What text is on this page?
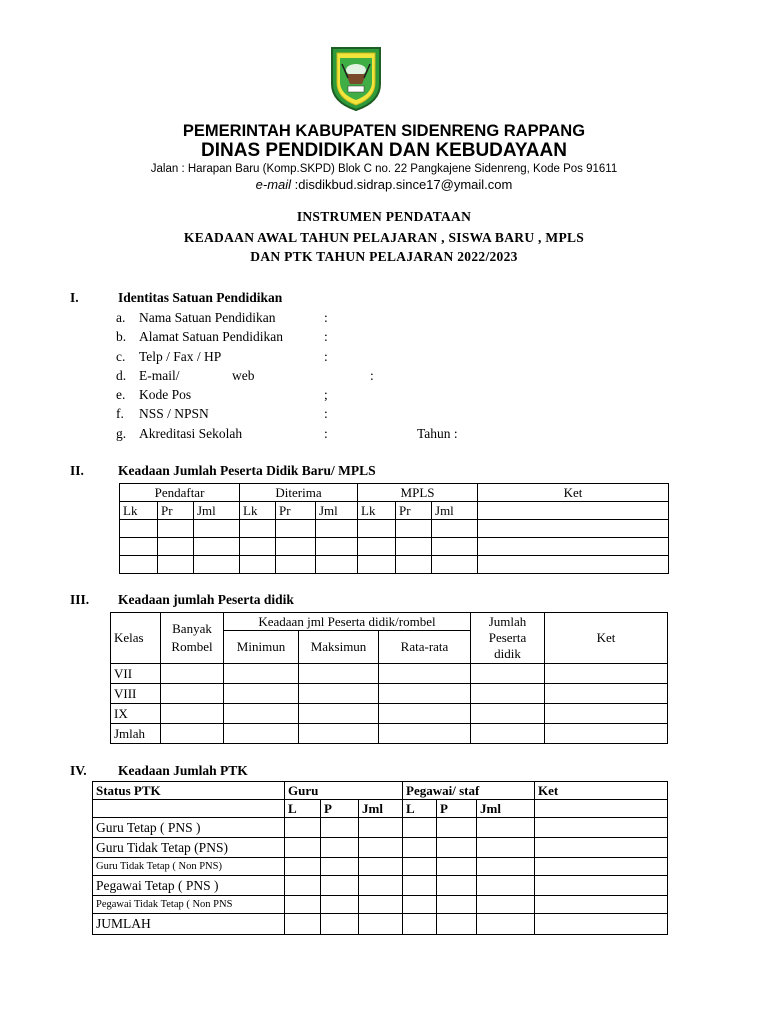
PEMERINTAH KABUPATEN SIDENRENG RAPPANG
DINAS PENDIDIKAN DAN KEBUDAYAAN
Jalan : Harapan Baru (Komp.SKPD) Blok C no. 22 Pangkajene Sidenreng, Kode Pos 91611
e-mail :disdikbud.sidrap.since17@ymail.com
INSTRUMEN PENDATAAN
KEADAAN AWAL TAHUN PELAJARAN , SISWA BARU , MPLS
DAN PTK TAHUN PELAJARAN 2022/2023
I.	Identitas Satuan Pendidikan
a. Nama Satuan Pendidikan	:
b. Alamat Satuan Pendidikan	:
c. Telp / Fax / HP	:
d. E-mail/	web	:
e. Kode Pos	;
f. NSS / NPSN	:
g. Akreditasi Sekolah	:	Tahun :
II.	Keadaan Jumlah Peserta Didik Baru/ MPLS
Pendaftar			Diterima			MPLS			Ket
Lk	Pr	Jml	Lk	Pr	Jml	Lk	Pr	Jml	

III. Keadaan jumlah Peserta didik
Kelas	Banyak Rombel	Keadaan jml Peserta didik/rombel			Jumlah Peserta didik	Ket
		Minimun	Maksimun	Rata-rata		
VII						
VIII						
IX						
Jmlah						
IV. Keadaan Jumlah PTK
Status PTK	Guru			Pegawai/ staf			Ket
	L	P	Jml	L	P	Jml	
Guru Tetap ( PNS )							
Guru Tidak Tetap (PNS)							
Guru Tidak Tetap ( Non PNS)							
Pegawai Tetap ( PNS )							
Pegawai Tidak Tetap ( Non PNS							
JUMLAH							
